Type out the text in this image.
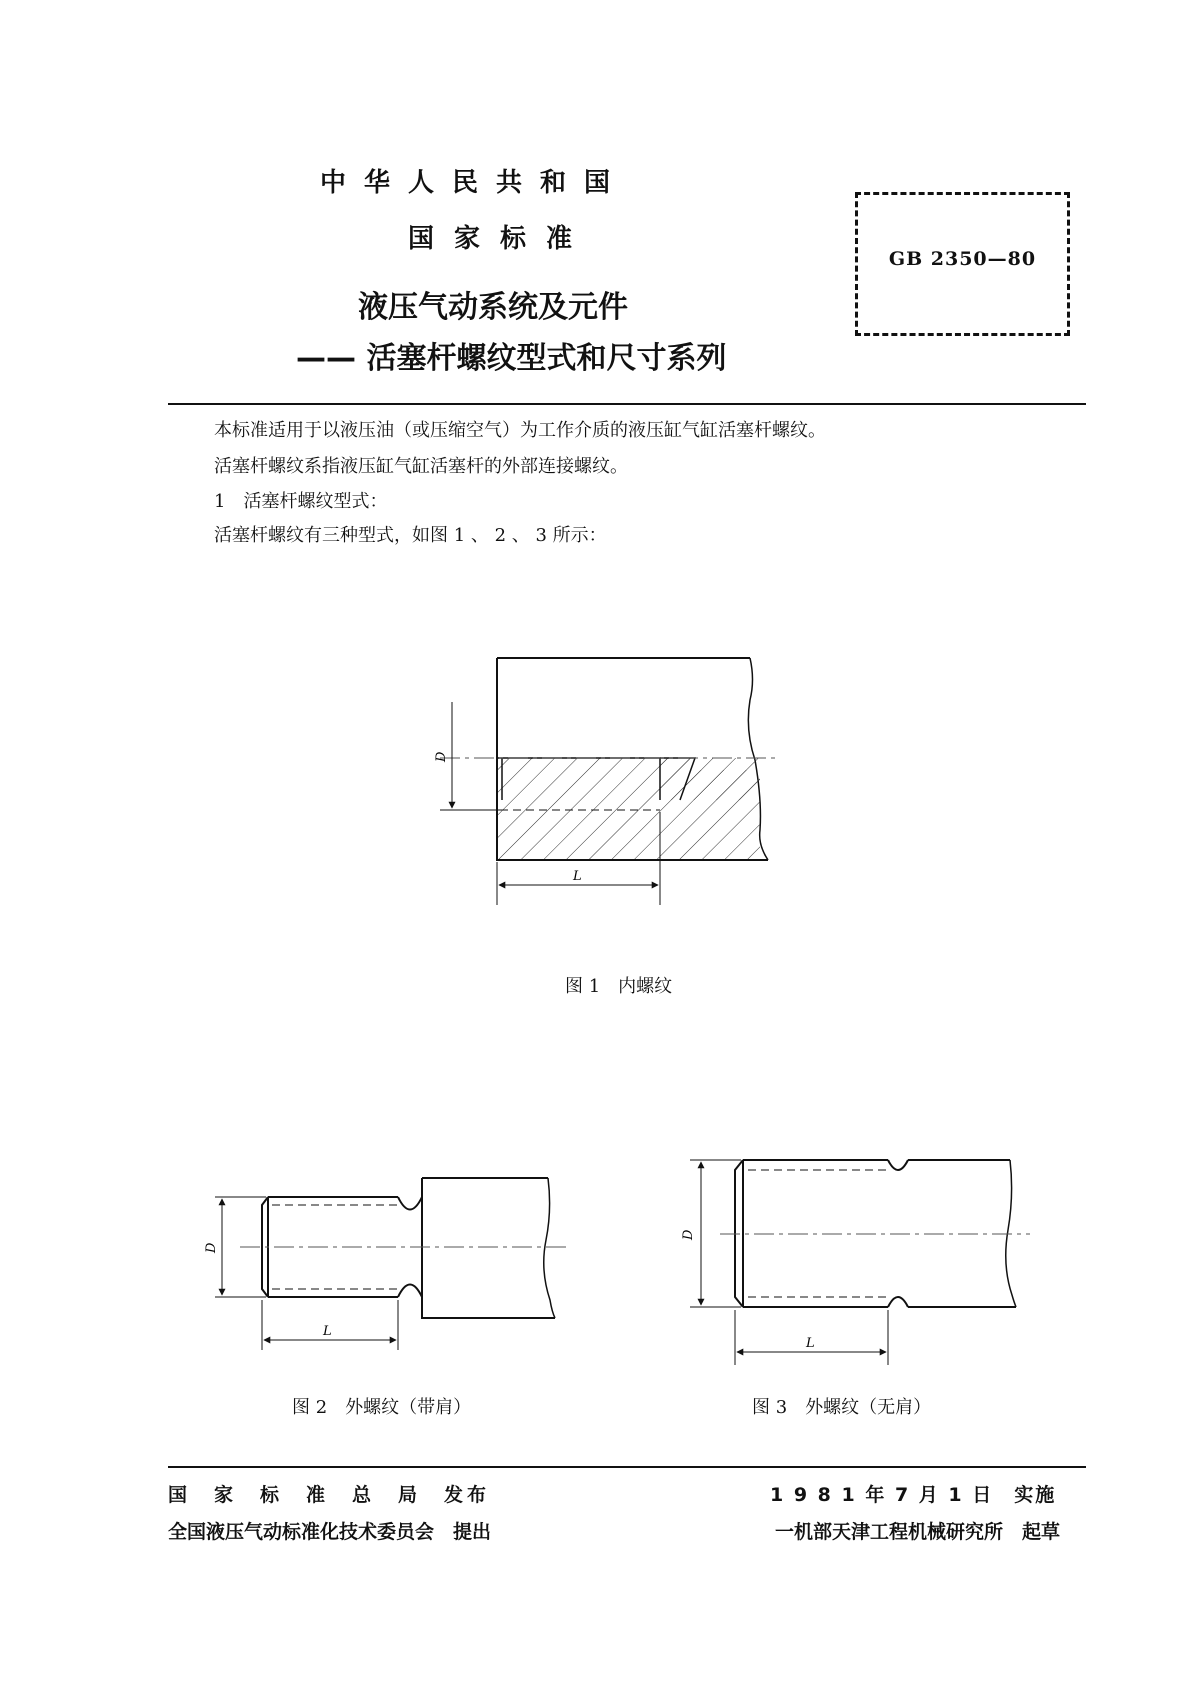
中华人民共和国
国家标准
液压气动系统及元件
—— 活塞杆螺纹型式和尺寸系列
GB 2350—80
本标准适用于以液压油（或压缩空气）为工作介质的液压缸气缸活塞杆螺纹。
活塞杆螺纹系指液压缸气缸活塞杆的外部连接螺纹。
1　活塞杆螺纹型式：
活塞杆螺纹有三种型式，如图 1 、 2 、 3 所示：
D
L
D
L
D
L
图 1　内螺纹
图 2　外螺纹（带肩）	图 3　外螺纹（无肩）
国　家　标　准　总　局　发布
全国液压气动标准化技术委员会　提出
1 9 8 1 年 7 月 1 日　实施
一机部天津工程机械研究所　起草
